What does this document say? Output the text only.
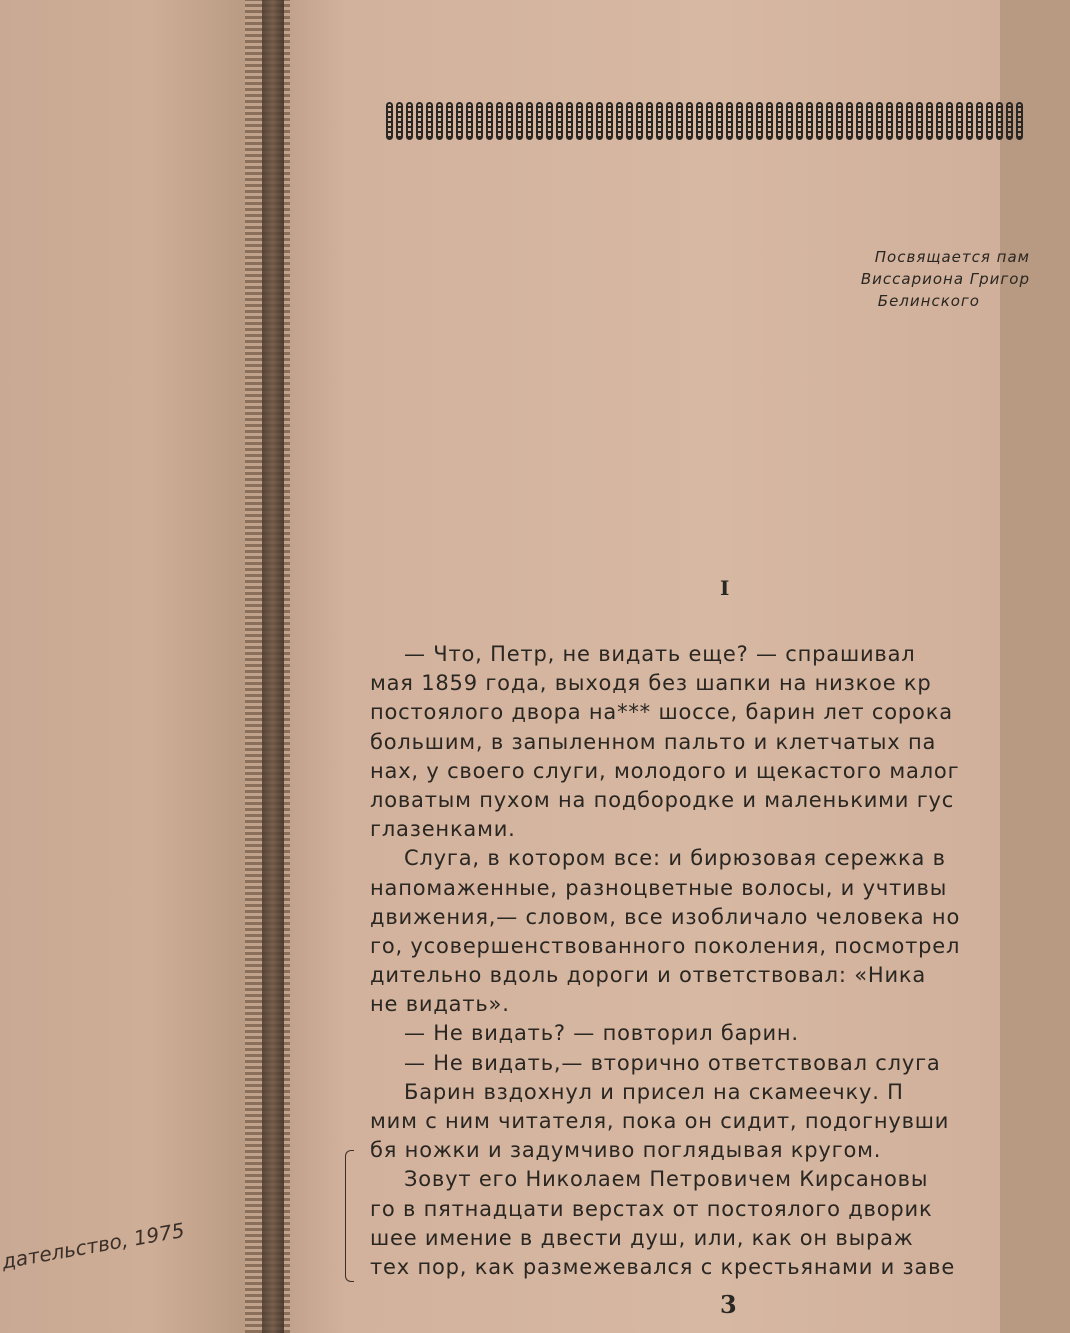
дательство, 1975
Посвящается пам
Виссариона Григор
Белинского
I
— Что, Петр, не видать еще? — спрашивал
мая 1859 года, выходя без шапки на низкое кр
постоялого двора на*** шоссе, барин лет сорока
большим, в запыленном пальто и клетчатых па
нах, у своего слуги, молодого и щекастого малог
ловатым пухом на подбородке и маленькими гус
глазенками.
Слуга, в котором все: и бирюзовая сережка в
напомаженные, разноцветные волосы, и учтивы
движения,— словом, все изобличало человека но
го, усовершенствованного поколения, посмотрел
дительно вдоль дороги и ответствовал: «Ника
не видать».
— Не видать? — повторил барин.
— Не видать,— вторично ответствовал слуга
Барин вздохнул и присел на скамеечку. П
мим с ним читателя, пока он сидит, подогнувши
бя ножки и задумчиво поглядывая кругом.
Зовут его Николаем Петровичем Кирсановы
го в пятнадцати верстах от постоялого дворик
шее имение в двести душ, или, как он выраж
тех пор, как размежевался с крестьянами и заве
3
